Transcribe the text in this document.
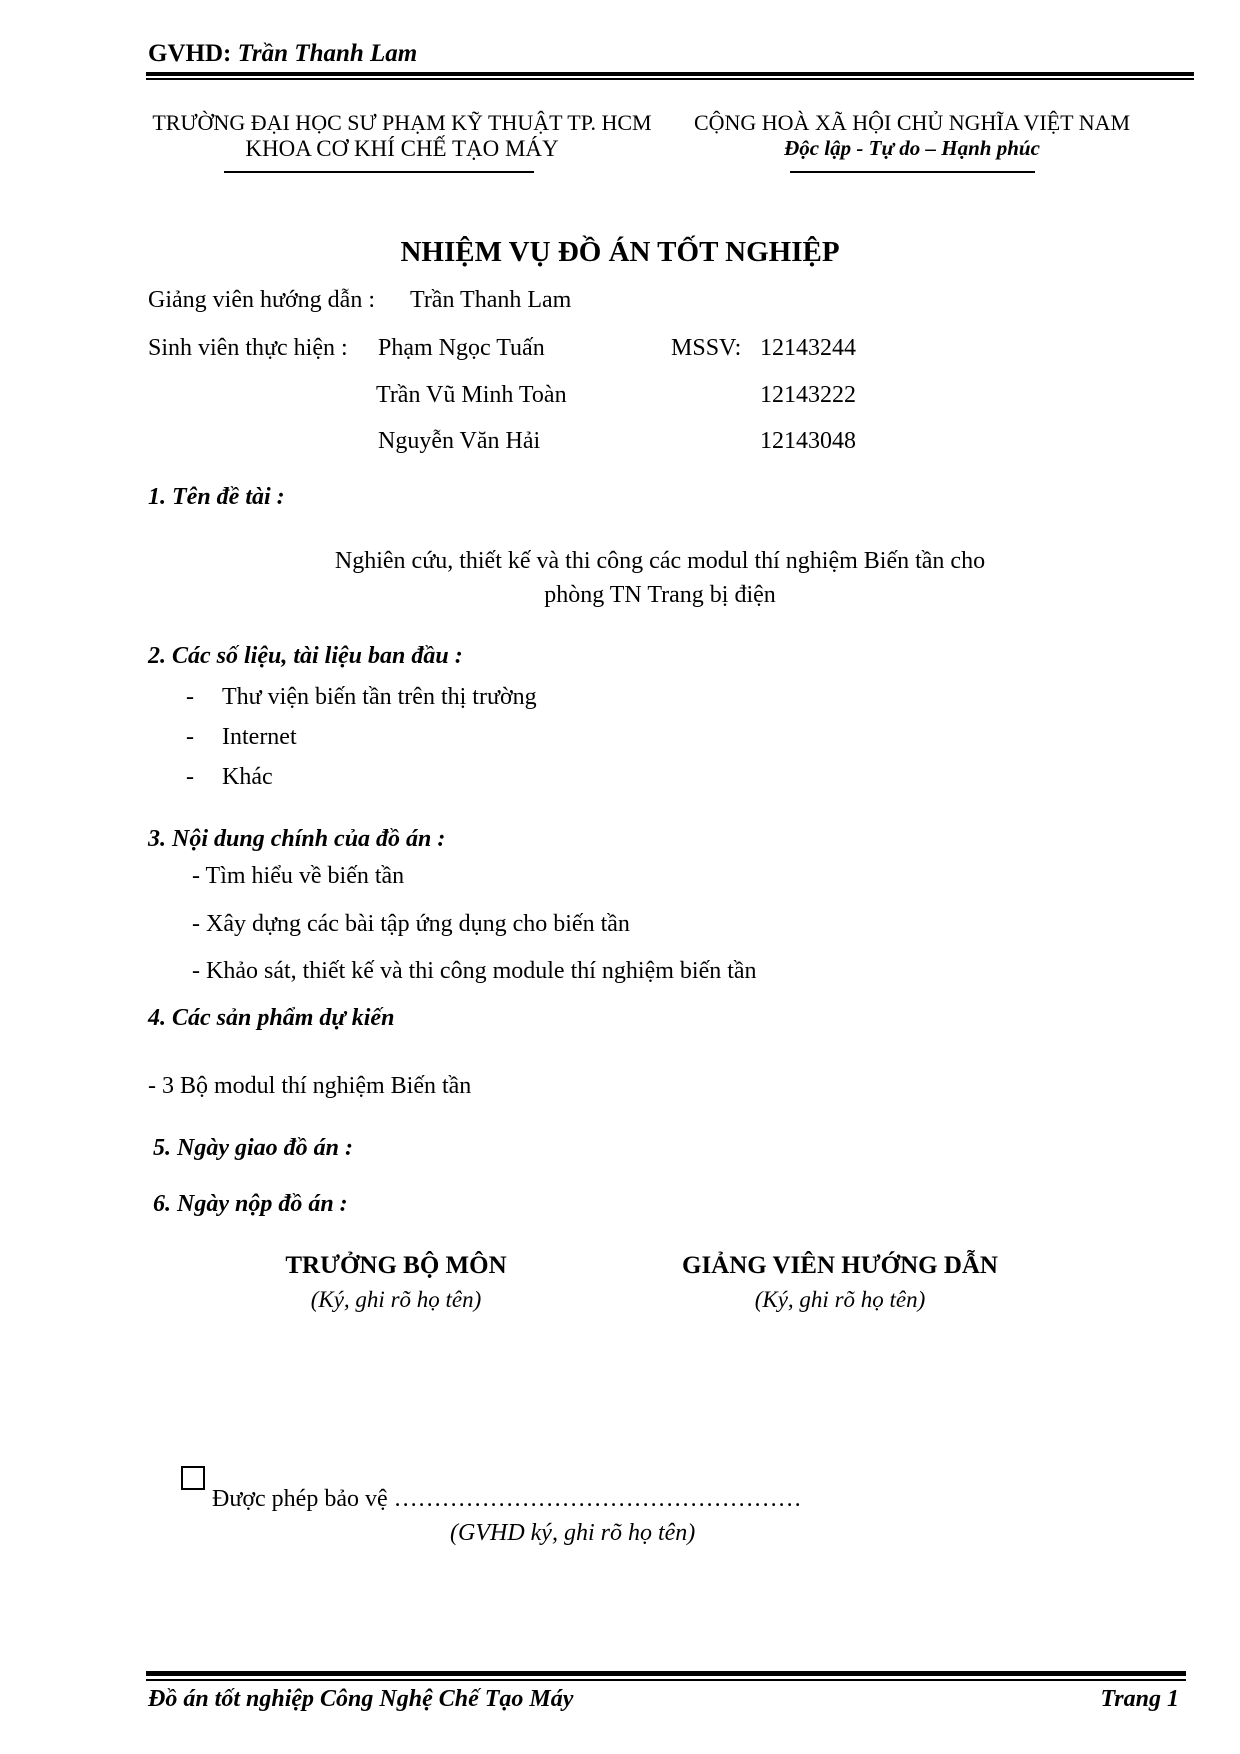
GVHD: Trần Thanh Lam
TRƯỜNG ĐẠI HỌC SƯ PHẠM KỸ THUẬT TP. HCM
KHOA CƠ KHÍ CHẾ TẠO MÁY
CỘNG HOÀ XÃ HỘI CHỦ NGHĨA VIỆT NAM
Độc lập - Tự do – Hạnh phúc
NHIỆM VỤ ĐỒ ÁN TỐT NGHIỆP
Giảng viên hướng dẫn : Trần Thanh Lam
Sinh viên thực hiện : Phạm Ngọc Tuấn	MSSV: 12143244
Trần Vũ Minh Toàn	12143222
Nguyễn Văn Hải	12143048
1. Tên đề tài :
Nghiên cứu, thiết kế và thi công các modul thí nghiệm Biến tần cho
phòng TN Trang bị điện
2. Các số liệu, tài liệu ban đầu :
- Thư viện biến tần trên thị trường
- Internet
- Khác
3. Nội dung chính của đồ án :
- Tìm hiểu về biến tần
- Xây dựng các bài tập ứng dụng cho biến tần
- Khảo sát, thiết kế và thi công module thí nghiệm biến tần
4. Các sản phẩm dự kiến
- 3 Bộ modul thí nghiệm Biến tần
5. Ngày giao đồ án :
6. Ngày nộp đồ án :
TRƯỞNG BỘ MÔN
(Ký, ghi rõ họ tên)
GIẢNG VIÊN HƯỚNG DẪN
(Ký, ghi rõ họ tên)
Được phép bảo vệ ……………………………………………
(GVHD ký, ghi rõ họ tên)
Đồ án tốt nghiệp Công Nghệ Chế Tạo Máy	Trang 1
